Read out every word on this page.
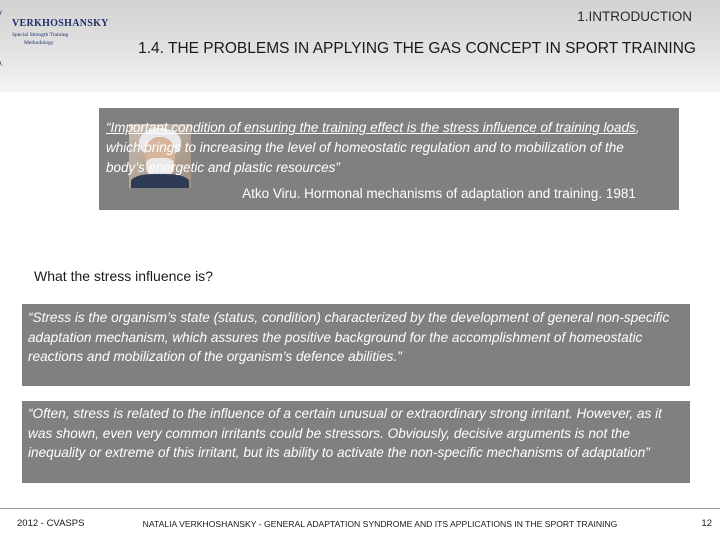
VERKHOSHANSKY
Special Strength Training
Methodology
1.INTRODUCTION
1.4. THE PROBLEMS IN APPLYING THE GAS CONCEPT IN SPORT TRAINING
“Important condition of ensuring the training effect is the stress influence of training loads, which brings to increasing the level of homeostatic regulation and to mobilization of the body’s energetic and plastic resources”
Atko Viru. Hormonal mechanisms of adaptation and training. 1981
What the stress influence is?
“Stress is the organism’s state (status, condition) characterized by the development of general non-specific adaptation mechanism, which assures the positive background for the accomplishment of homeostatic reactions and mobilization of the organism’s defence abilities.”
“Often, stress is related to the influence of a certain unusual or extraordinary strong irritant. However, as it was shown, even very common irritants could be stressors. Obviously, decisive arguments is not the inequality or extreme of this irritant, but its ability to activate the non-specific mechanisms of adaptation”
2012 - CVASPS	NATALIA VERKHOSHANSKY - GENERAL ADAPTATION SYNDROME AND ITS APPLICATIONS IN THE SPORT TRAINING	12
